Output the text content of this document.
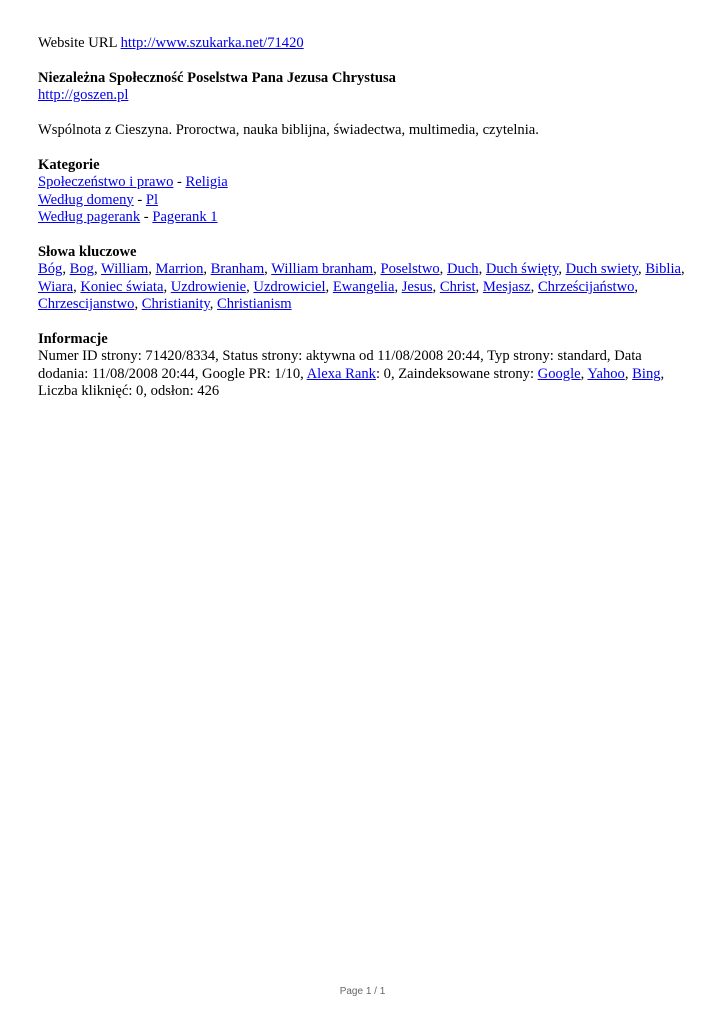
Website URL http://www.szukarka.net/71420
Niezależna Społeczność Poselstwa Pana Jezusa Chrystusa
http://goszen.pl
Wspólnota z Cieszyna. Proroctwa, nauka biblijna, świadectwa, multimedia, czytelnia.
Kategorie
Społeczeństwo i prawo - Religia
Według domeny - Pl
Według pagerank - Pagerank 1
Słowa kluczowe
Bóg, Bog, William, Marrion, Branham, William branham, Poselstwo, Duch, Duch święty, Duch swiety, Biblia, Wiara, Koniec świata, Uzdrowienie, Uzdrowiciel, Ewangelia, Jesus, Christ, Mesjasz, Chrześcijaństwo, Chrzescijanstwo, Christianity, Christianism
Informacje
Numer ID strony: 71420/8334, Status strony: aktywna od 11/08/2008 20:44, Typ strony: standard, Data dodania: 11/08/2008 20:44, Google PR: 1/10, Alexa Rank: 0, Zaindeksowane strony: Google, Yahoo, Bing, Liczba kliknięć: 0, odsłon: 426
Page 1 / 1
